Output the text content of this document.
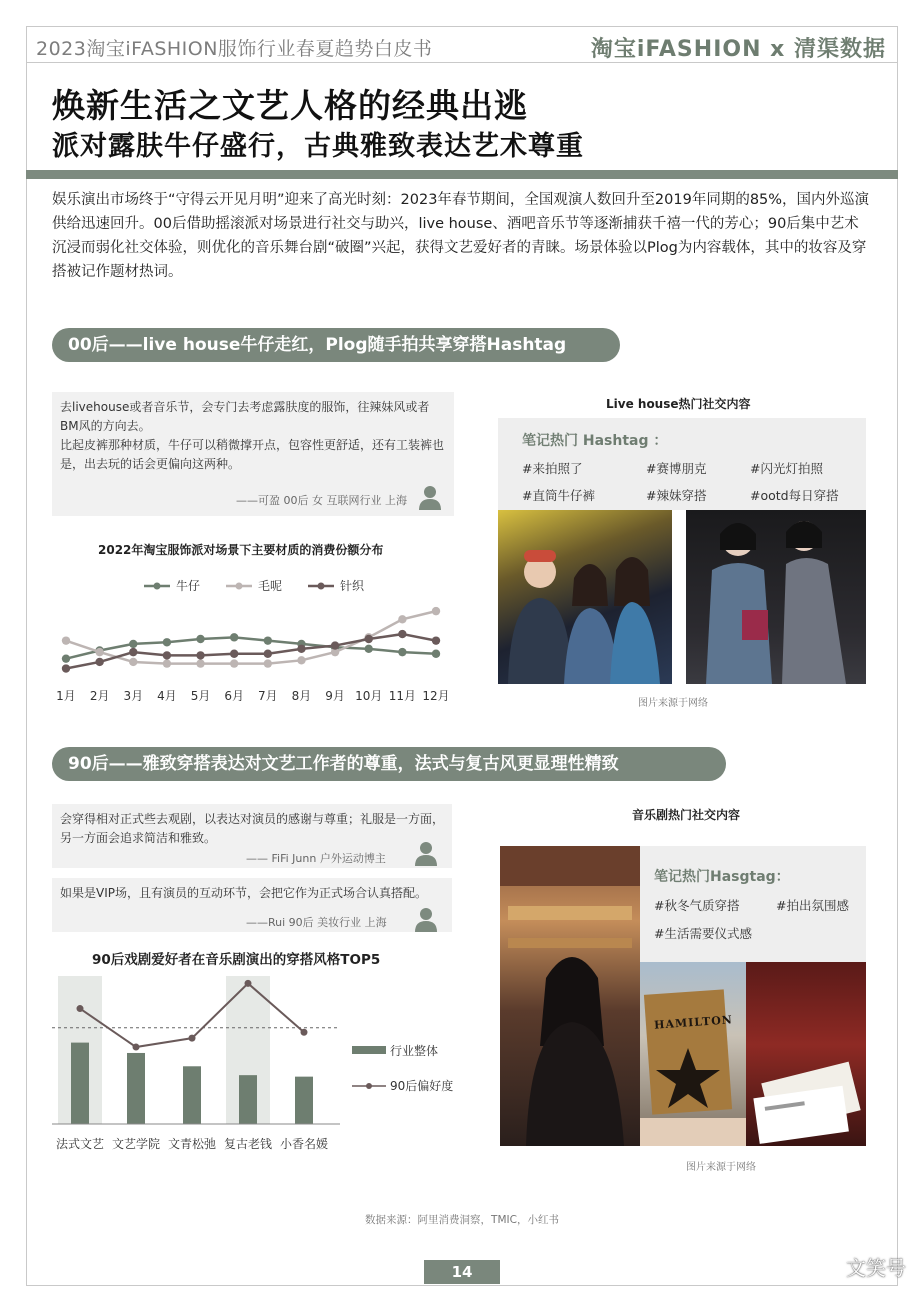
2023淘宝iFASHION服饰行业春夏趋势白皮书	淘宝iFASHION x 清渠数据
焕新生活之文艺人格的经典出逃
派对露肤牛仔盛行，古典雅致表达艺术尊重
娱乐演出市场终于“守得云开见月明”迎来了高光时刻：2023年春节期间，全国观演人数回升至2019年同期的85%，国内外巡演供给迅速回升。00后借助摇滚派对场景进行社交与助兴，live house、酒吧音乐节等逐渐捕获千禧一代的芳心；90后集中艺术沉浸而弱化社交体验，则优化的音乐舞台剧“破圈”兴起，获得文艺爱好者的青睐。场景体验以Plog为内容载体，其中的妆容及穿搭被记作题材热词。
00后——live house牛仔走红，Plog随手拍共享穿搭Hashtag
去livehouse或者音乐节，会专门去考虑露肤度的服饰，往辣妹风或者BM风的方向去。
比起皮裤那种材质，牛仔可以稍微撑开点，包容性更舒适，还有工装裤也是，出去玩的话会更偏向这两种。
——可盈 00后 女 互联网行业 上海
2022年淘宝服饰派对场景下主要材质的消费份额分布
牛仔	毛呢	针织
1月 2月 3月 4月 5月 6月 7月 8月 9月 10月 11月 12月
Live house热门社交内容
笔记热门 Hashtag ：
#来拍照了	#赛博朋克	#闪光灯拍照
#直筒牛仔裤	#辣妹穿搭	#ootd每日穿搭
图片来源于网络
90后——雅致穿搭表达对文艺工作者的尊重，法式与复古风更显理性精致
会穿得相对正式些去观剧，以表达对演员的感谢与尊重；礼服是一方面，另一方面会追求简洁和雅致。
—— FiFi Junn 户外运动博主
如果是VIP场，且有演员的互动环节，会把它作为正式场合认真搭配。
——Rui 90后 美妆行业 上海
90后戏剧爱好者在音乐剧演出的穿搭风格TOP5
法式文艺 文艺学院 文青松弛 复古老钱 小香名媛
行业整体
90后偏好度
音乐剧热门社交内容
笔记热门Hasgtag：
#秋冬气质穿搭	#拍出氛围感
#生活需要仪式感
HAMILTON
图片来源于网络
数据来源：阿里消费洞察，TMIC，小红书
14	文笑号
